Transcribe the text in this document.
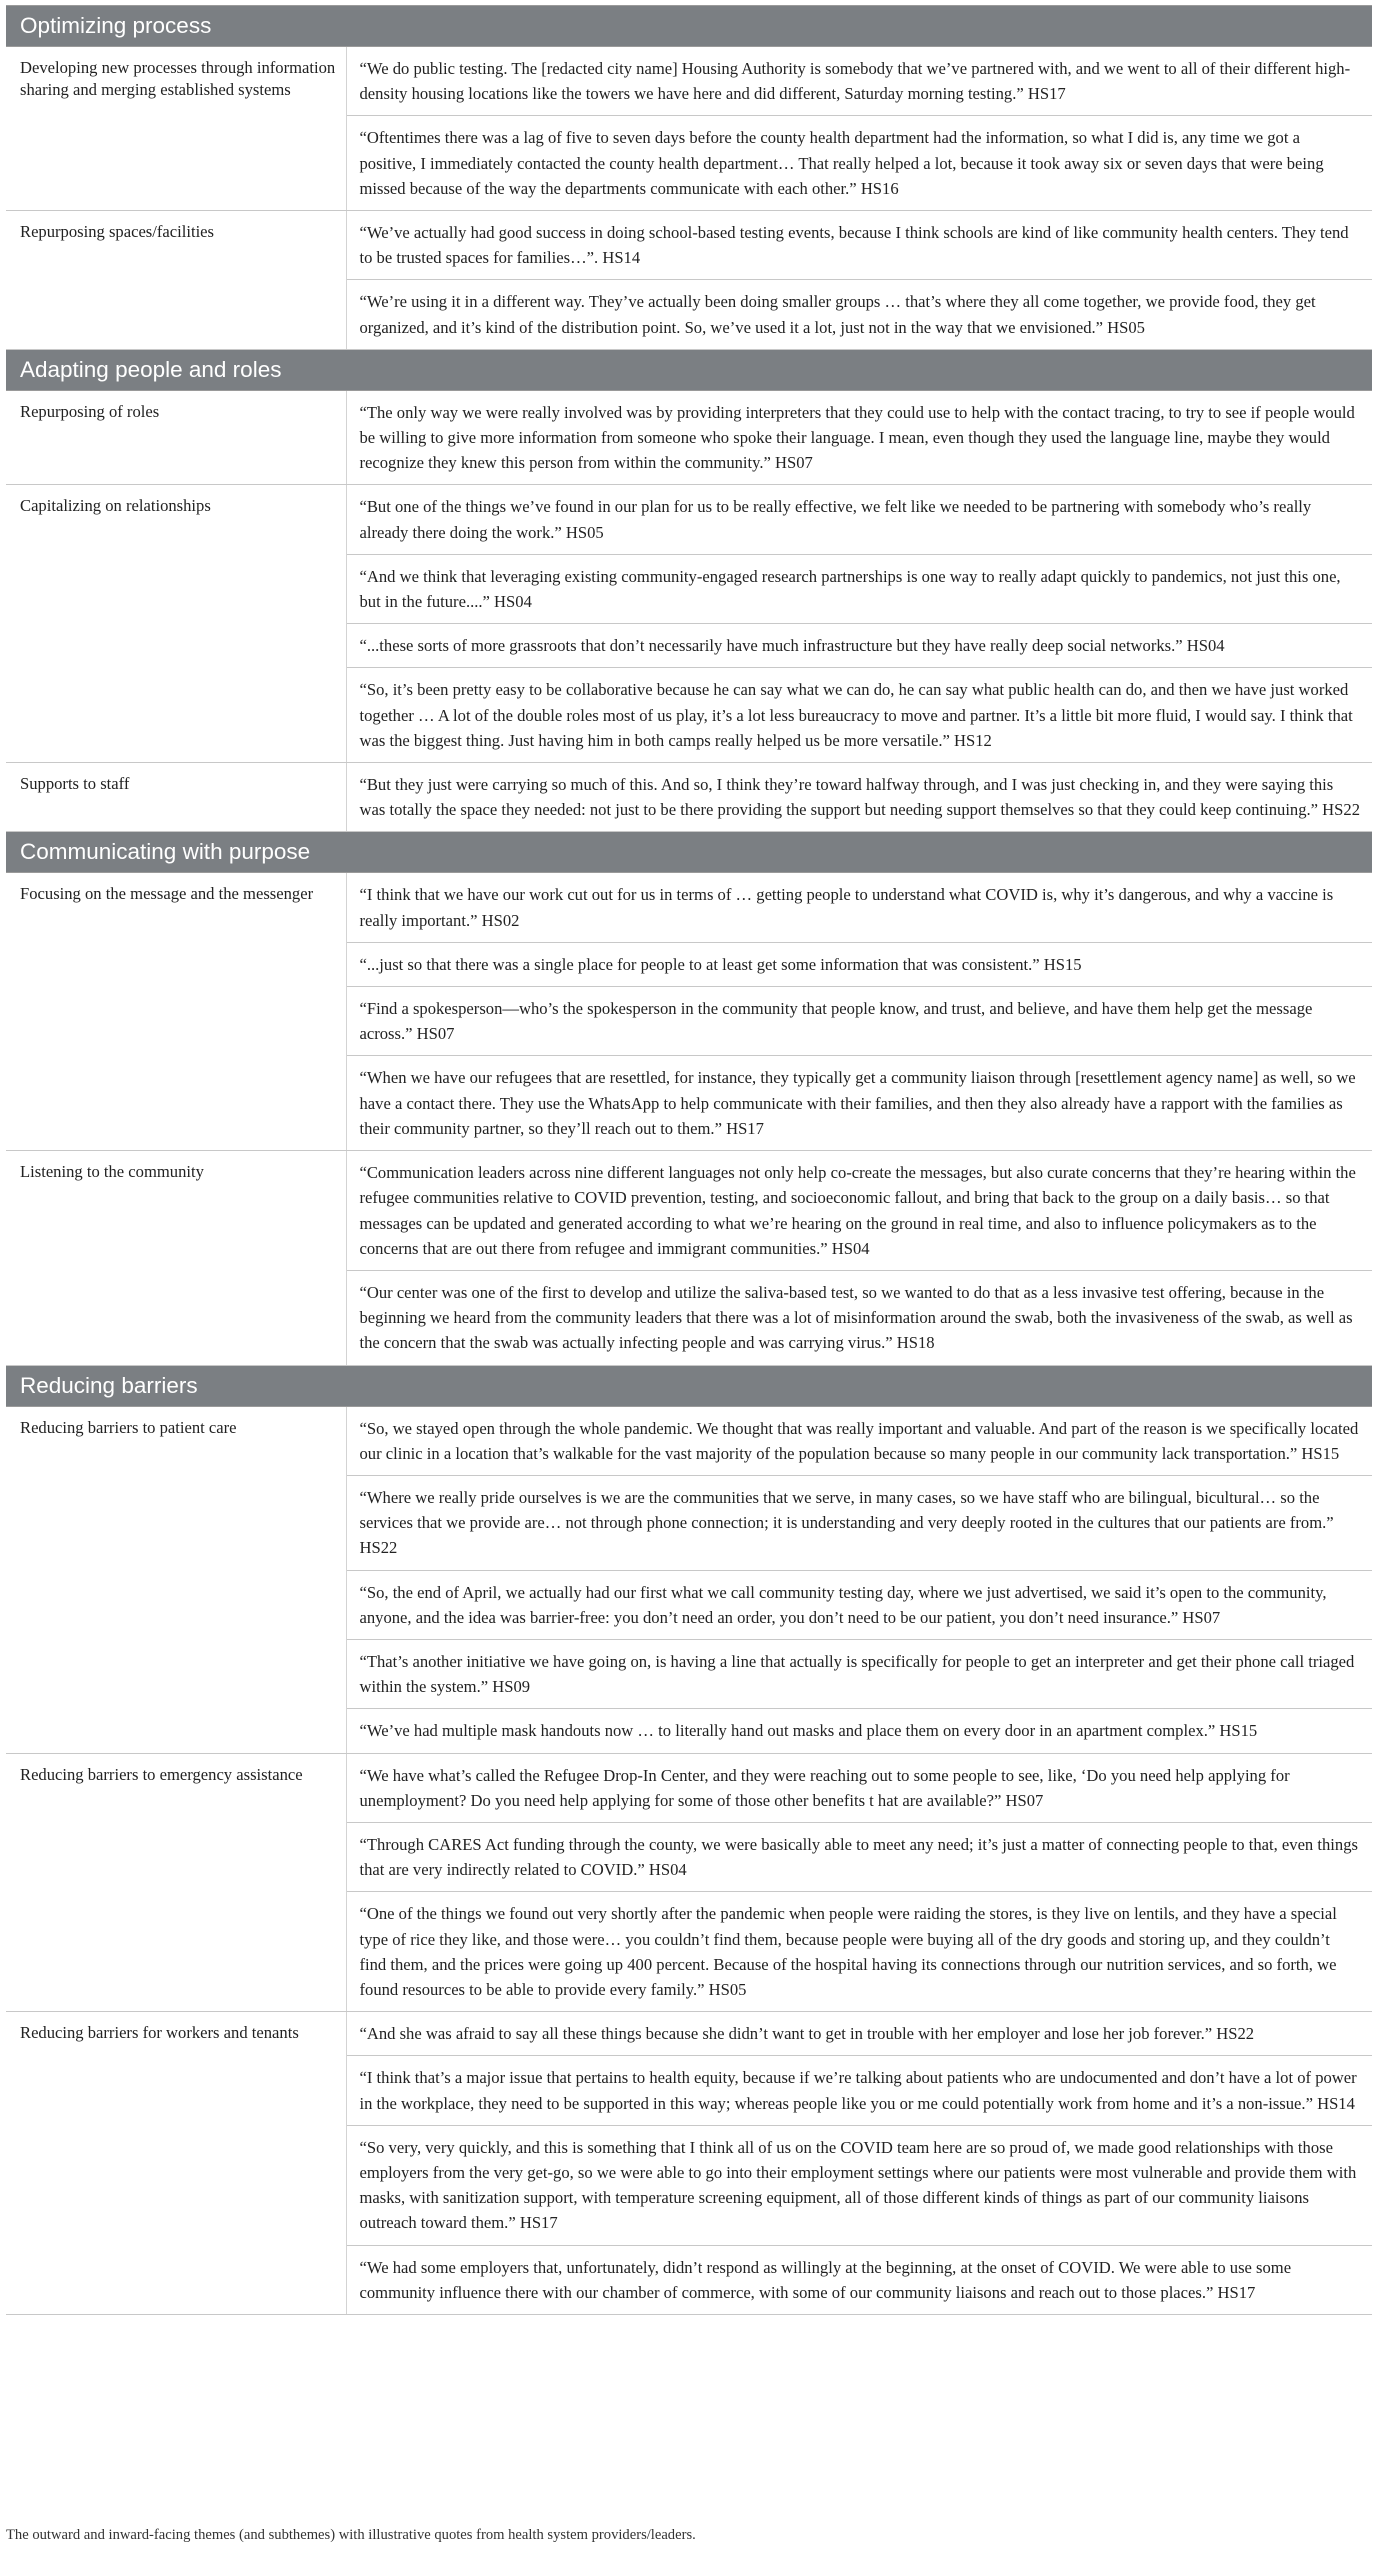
Optimizing process	
Developing new processes through information sharing and merging established systems	“We do public testing. The [redacted city name] Housing Authority is somebody that we’ve partnered with, and we went to all of their different high-density housing locations like the towers we have here and did different, Saturday morning testing.” HS17
	“Oftentimes there was a lag of five to seven days before the county health department had the information, so what I did is, any time we got a positive, I immediately contacted the county health department… That really helped a lot, because it took away six or seven days that were being missed because of the way the departments communicate with each other.” HS16
Repurposing spaces/facilities	“We’ve actually had good success in doing school-based testing events, because I think schools are kind of like community health centers. They tend to be trusted spaces for families…”. HS14
	“We’re using it in a different way. They’ve actually been doing smaller groups … that’s where they all come together, we provide food, they get organized, and it’s kind of the distribution point. So, we’ve used it a lot, just not in the way that we envisioned.” HS05
Adapting people and roles	
Repurposing of roles	“The only way we were really involved was by providing interpreters that they could use to help with the contact tracing, to try to see if people would be willing to give more information from someone who spoke their language. I mean, even though they used the language line, maybe they would recognize they knew this person from within the community.” HS07
Capitalizing on relationships	“But one of the things we’ve found in our plan for us to be really effective, we felt like we needed to be partnering with somebody who’s really already there doing the work.” HS05
	“And we think that leveraging existing community-engaged research partnerships is one way to really adapt quickly to pandemics, not just this one, but in the future....” HS04
	“...these sorts of more grassroots that don’t necessarily have much infrastructure but they have really deep social networks.” HS04
	“So, it’s been pretty easy to be collaborative because he can say what we can do, he can say what public health can do, and then we have just worked together … A lot of the double roles most of us play, it’s a lot less bureaucracy to move and partner. It’s a little bit more fluid, I would say. I think that was the biggest thing. Just having him in both camps really helped us be more versatile.” HS12
Supports to staff	“But they just were carrying so much of this. And so, I think they’re toward halfway through, and I was just checking in, and they were saying this was totally the space they needed: not just to be there providing the support but needing support themselves so that they could keep continuing.” HS22
Communicating with purpose	
Focusing on the message and the messenger	“I think that we have our work cut out for us in terms of … getting people to understand what COVID is, why it’s dangerous, and why a vaccine is really important.” HS02
	“...just so that there was a single place for people to at least get some information that was consistent.” HS15
	“Find a spokesperson—who’s the spokesperson in the community that people know, and trust, and believe, and have them help get the message across.” HS07
	“When we have our refugees that are resettled, for instance, they typically get a community liaison through [resettlement agency name] as well, so we have a contact there. They use the WhatsApp to help communicate with their families, and then they also already have a rapport with the families as their community partner, so they’ll reach out to them.” HS17
Listening to the community	“Communication leaders across nine different languages not only help co-create the messages, but also curate concerns that they’re hearing within the refugee communities relative to COVID prevention, testing, and socioeconomic fallout, and bring that back to the group on a daily basis… so that messages can be updated and generated according to what we’re hearing on the ground in real time, and also to influence policymakers as to the concerns that are out there from refugee and immigrant communities.” HS04
	“Our center was one of the first to develop and utilize the saliva-based test, so we wanted to do that as a less invasive test offering, because in the beginning we heard from the community leaders that there was a lot of misinformation around the swab, both the invasiveness of the swab, as well as the concern that the swab was actually infecting people and was carrying virus.” HS18
Reducing barriers	
Reducing barriers to patient care	“So, we stayed open through the whole pandemic. We thought that was really important and valuable. And part of the reason is we specifically located our clinic in a location that’s walkable for the vast majority of the population because so many people in our community lack transportation.” HS15
	“Where we really pride ourselves is we are the communities that we serve, in many cases, so we have staff who are bilingual, bicultural… so the services that we provide are… not through phone connection; it is understanding and very deeply rooted in the cultures that our patients are from.” HS22
	“So, the end of April, we actually had our first what we call community testing day, where we just advertised, we said it’s open to the community, anyone, and the idea was barrier-free: you don’t need an order, you don’t need to be our patient, you don’t need insurance.” HS07
	“That’s another initiative we have going on, is having a line that actually is specifically for people to get an interpreter and get their phone call triaged within the system.” HS09
	“We’ve had multiple mask handouts now … to literally hand out masks and place them on every door in an apartment complex.” HS15
Reducing barriers to emergency assistance	“We have what’s called the Refugee Drop-In Center, and they were reaching out to some people to see, like, ‘Do you need help applying for unemployment? Do you need help applying for some of those other benefits t hat are available?” HS07
	“Through CARES Act funding through the county, we were basically able to meet any need; it’s just a matter of connecting people to that, even things that are very indirectly related to COVID.” HS04
	“One of the things we found out very shortly after the pandemic when people were raiding the stores, is they live on lentils, and they have a special type of rice they like, and those were… you couldn’t find them, because people were buying all of the dry goods and storing up, and they couldn’t find them, and the prices were going up 400 percent. Because of the hospital having its connections through our nutrition services, and so forth, we found resources to be able to provide every family.” HS05
Reducing barriers for workers and tenants	“And she was afraid to say all these things because she didn’t want to get in trouble with her employer and lose her job forever.” HS22
	“I think that’s a major issue that pertains to health equity, because if we’re talking about patients who are undocumented and don’t have a lot of power in the workplace, they need to be supported in this way; whereas people like you or me could potentially work from home and it’s a non-issue.” HS14
	“So very, very quickly, and this is something that I think all of us on the COVID team here are so proud of, we made good relationships with those employers from the very get-go, so we were able to go into their employment settings where our patients were most vulnerable and provide them with masks, with sanitization support, with temperature screening equipment, all of those different kinds of things as part of our community liaisons outreach toward them.” HS17
	“We had some employers that, unfortunately, didn’t respond as willingly at the beginning, at the onset of COVID. We were able to use some community influence there with our chamber of commerce, with some of our community liaisons and reach out to those places.” HS17
The outward and inward-facing themes (and subthemes) with illustrative quotes from health system providers/leaders.
